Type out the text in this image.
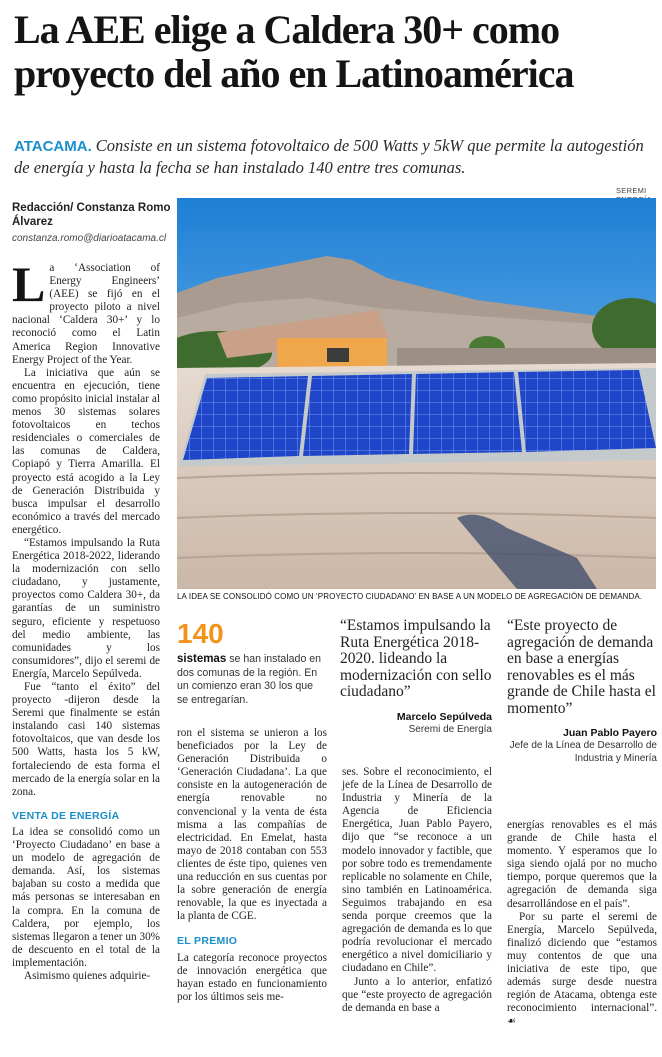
La AEE elige a Caldera 30+ como
proyecto del año en Latinoamérica
ATACAMA. Consiste en un sistema fotovoltaico de 500 Watts y 5kW que permite la autogestión de energía y hasta la fecha se han instalado 140 entre tres comunas.
Redacción/ Constanza Romo Álvarez
constanza.romo@diarioatacama.cl
SEREMI
LA IDEA SE CONSOLIDÓ COMO UN ‘PROYECTO CIUDADANO’ EN BASE A UN MODELO DE AGREGACIÓN DE DEMANDA.
L a ‘Association of Energy Engineers’ (AEE) se fijó en el proyecto piloto a nivel nacional ‘Caldera 30+’ y lo reconoció como el Latin America Region Innovative Energy Project of the Year.

La iniciativa que aún se encuentra en ejecución, tiene como propósito inicial instalar al menos 30 sistemas solares fotovoltaicos en techos residenciales o comerciales de las comunas de Caldera, Copiapó y Tierra Amarilla. El proyecto está acogido a la Ley de Generación Distribuida y busca impulsar el desarrollo económico a través del mercado energético.

“Estamos impulsando la Ruta Energética 2018-2022, liderando la modernización con sello ciudadano, y justamente, proyectos como Caldera 30+, da garantías de un suministro seguro, eficiente y respetuoso del medio ambiente, las comunidades y los consumidores”, dijo el seremi de Energía, Marcelo Sepúlveda.

Fue “tanto el éxito” del proyecto -dijeron desde la Seremi que finalmente se están instalando casi 140 sistemas fotovoltaicos, que van desde los 500 Watts, hasta los 5 kW, fortaleciendo de esta forma el mercado de la energía solar en la zona.

VENTA DE ENERGÍA

La idea se consolidó como un ‘Proyecto Ciudadano’ en base a un modelo de agregación de demanda. Así, los sistemas bajaban su costo a medida que más personas se interesaban en la compra. En la comuna de Caldera, por ejemplo, los sistemas llegaron a tener un 30% de descuento en el total de la implementación.

Asimismo quienes adquirie-

140
sistemas se han instalado en dos comunas de la región. En un comienzo eran 30 los que se entregarían.
“Estamos impulsando la Ruta Energética 2018-2020. lideando la modernización con sello ciudadano”
Marcelo Sepúlveda
Seremi de Energía
“Este proyecto de agregación de demanda en base a energías renovables es el más grande de Chile hasta el momento”
Juan Pablo Payero
Jefe de la Línea de Desarrollo de Industria y Minería

ron el sistema se unieron a los beneficiados por la Ley de Generación Distribuida o ‘Generación Ciudadana’. La que consiste en la autogeneración de energía renovable no convencional y la venta de ésta misma a las compañías de electricidad. En Emelat, hasta mayo de 2018 contaban con 553 clientes de éste tipo, quienes ven una reducción en sus cuentas por la sobre generación de energía renovable, la que es inyectada a la planta de CGE.

EL PREMIO

La categoría reconoce proyectos de innovación energética que hayan estado en funcionamiento por los últimos seis me-

ses. Sobre el reconocimiento, el jefe de la Línea de Desarrollo de Industria y Minería de la Agencia de Eficiencia Energética, Juan Pablo Payero, dijo que “se reconoce a un modelo innovador y factible, que por sobre todo es tremendamente replicable no solamente en Chile, sino también en Latinoamérica. Seguimos trabajando en esa senda porque creemos que la agregación de demanda es lo que podría revolucionar el mercado energético a nivel domiciliario y ciudadano en Chile”.

Junto a lo anterior, enfatizó que “este proyecto de agregación de demanda en base a

energías renovables es el más grande de Chile hasta el momento. Y esperamos que lo siga siendo ojalá por no mucho tiempo, porque queremos que la agregación de demanda siga desarrollándose en el país”.

Por su parte el seremi de Energía, Marcelo Sepúlveda, finalizó diciendo que “estamos muy contentos de que una iniciativa de este tipo, que además surge desde nuestra región de Atacama, obtenga este reconocimiento internacional”. ☙
